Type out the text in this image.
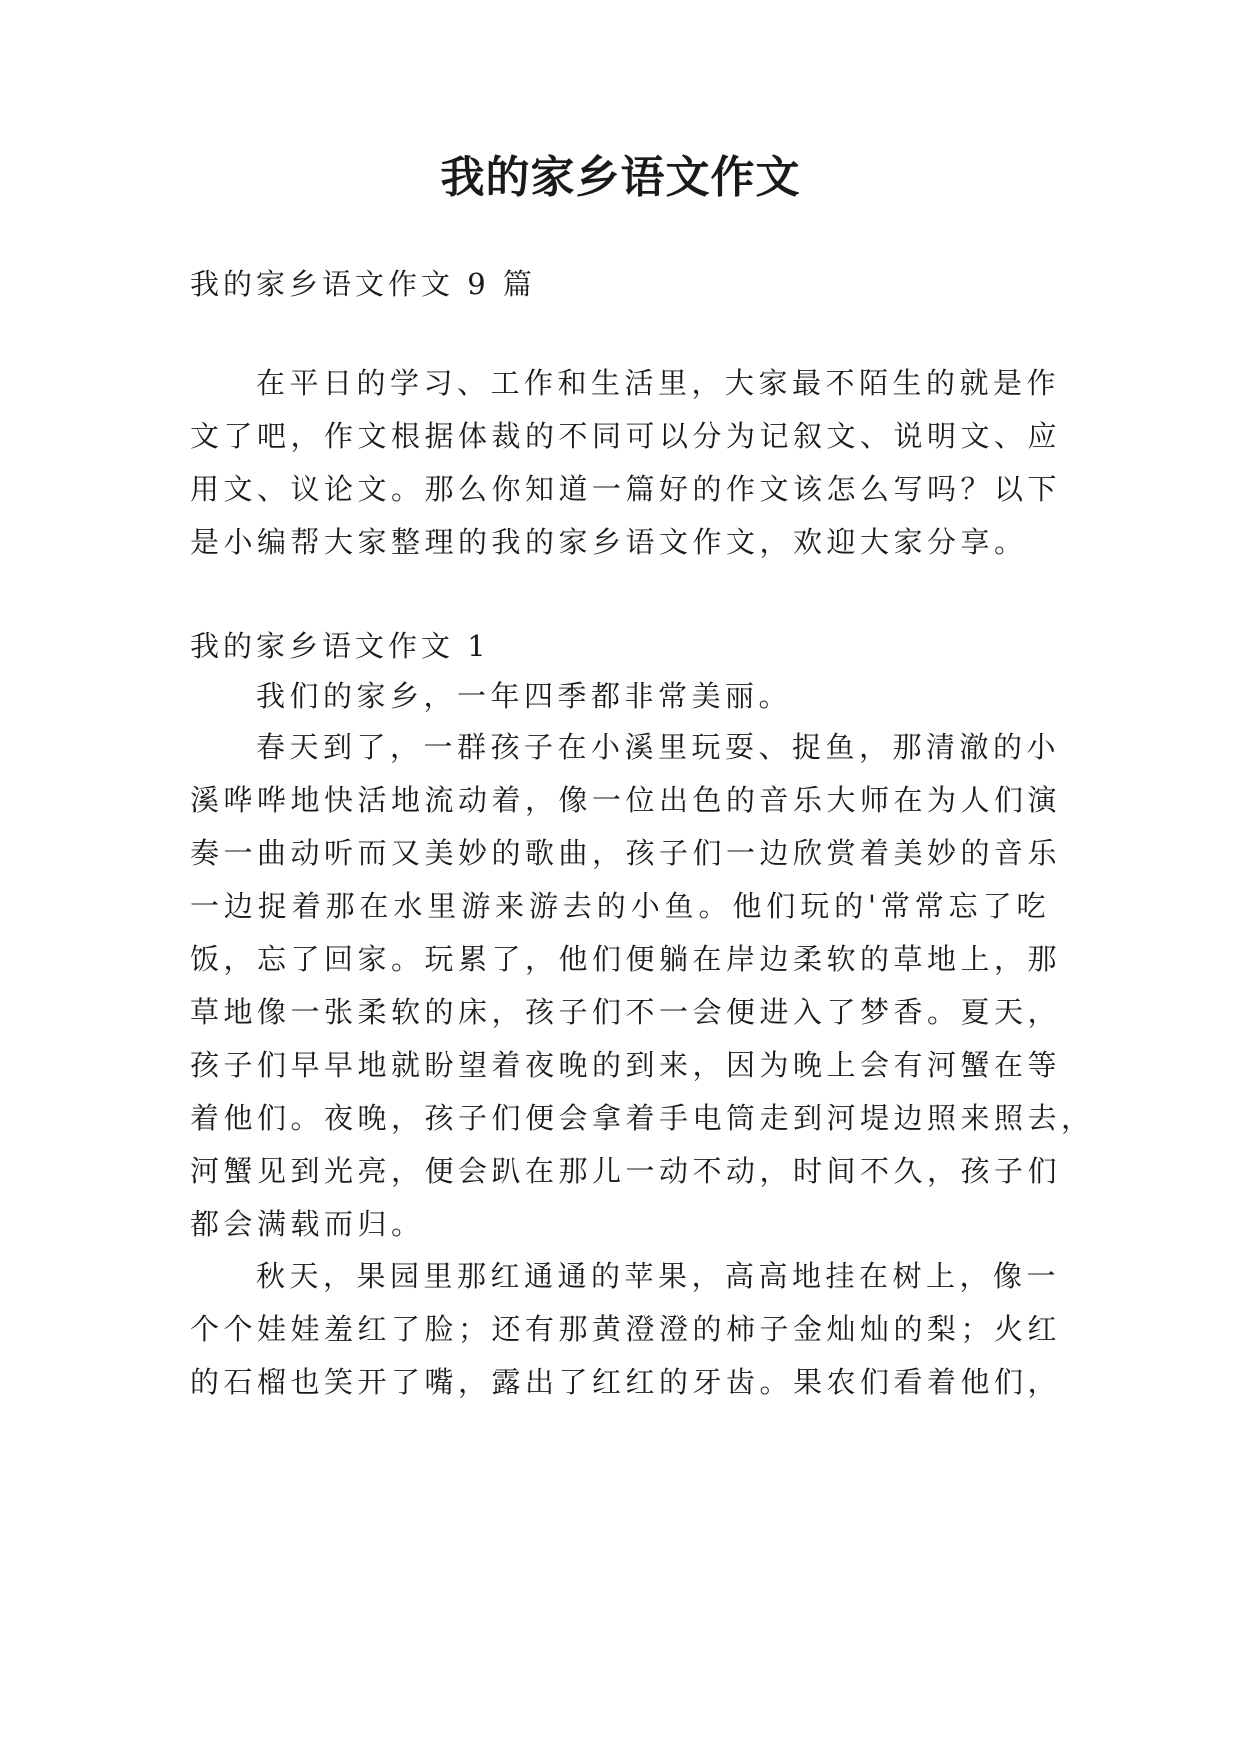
我的家乡语文作文
我的家乡语文作文 9 篇
在平日的学习、工作和生活里，大家最不陌生的就是作
文了吧，作文根据体裁的不同可以分为记叙文、说明文、应
用文、议论文。那么你知道一篇好的作文该怎么写吗？以下
是小编帮大家整理的我的家乡语文作文，欢迎大家分享。
我的家乡语文作文 1
我们的家乡，一年四季都非常美丽。
春天到了，一群孩子在小溪里玩耍、捉鱼，那清澈的小
溪哗哗地快活地流动着，像一位出色的音乐大师在为人们演
奏一曲动听而又美妙的歌曲，孩子们一边欣赏着美妙的音乐
一边捉着那在水里游来游去的小鱼。他们玩的'常常忘了吃
饭，忘了回家。玩累了，他们便躺在岸边柔软的草地上，那
草地像一张柔软的床，孩子们不一会便进入了梦香。夏天，
孩子们早早地就盼望着夜晚的到来，因为晚上会有河蟹在等
着他们。夜晚，孩子们便会拿着手电筒走到河堤边照来照去，
河蟹见到光亮，便会趴在那儿一动不动，时间不久，孩子们
都会满载而归。
秋天，果园里那红通通的苹果，高高地挂在树上，像一
个个娃娃羞红了脸；还有那黄澄澄的柿子金灿灿的梨；火红
的石榴也笑开了嘴，露出了红红的牙齿。果农们看着他们，
